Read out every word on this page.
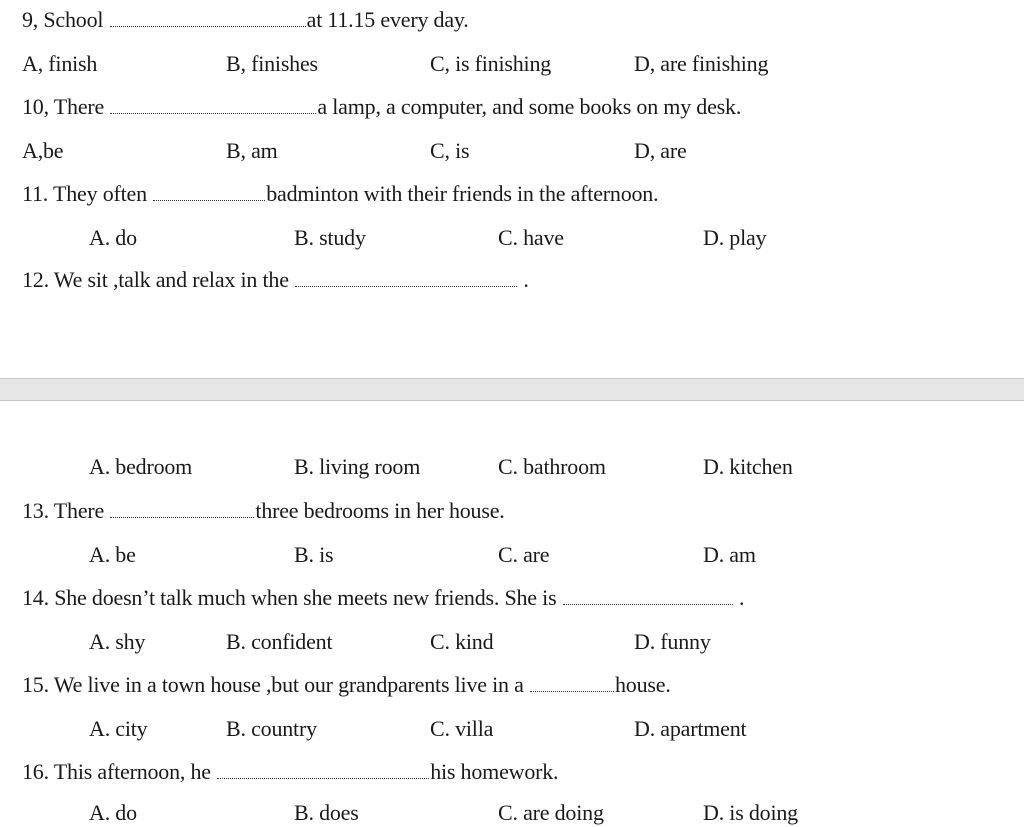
9, School	at 11.15 every day.
A, finish	B, finishes	C, is finishing	D, are finishing
10, There	a lamp, a computer, and some books on my desk.
A,be	B, am	C, is	D, are
11. They often	badminton with their friends in the afternoon.
A. do	B. study	C. have	D. play
12. We sit ,talk and relax in the	.
A. bedroom	B. living room	C. bathroom	D. kitchen
13. There	three bedrooms in her house.
A. be	B. is	C. are	D. am
14. She doesn’t talk much when she meets new friends. She is	.
A. shy	B. confident	C. kind	D. funny
15. We live in a town house ,but our grandparents live in a	house.
A. city	B. country	C. villa	D. apartment
16. This afternoon, he	his homework.
A. do	B. does	C. are doing	D. is doing
